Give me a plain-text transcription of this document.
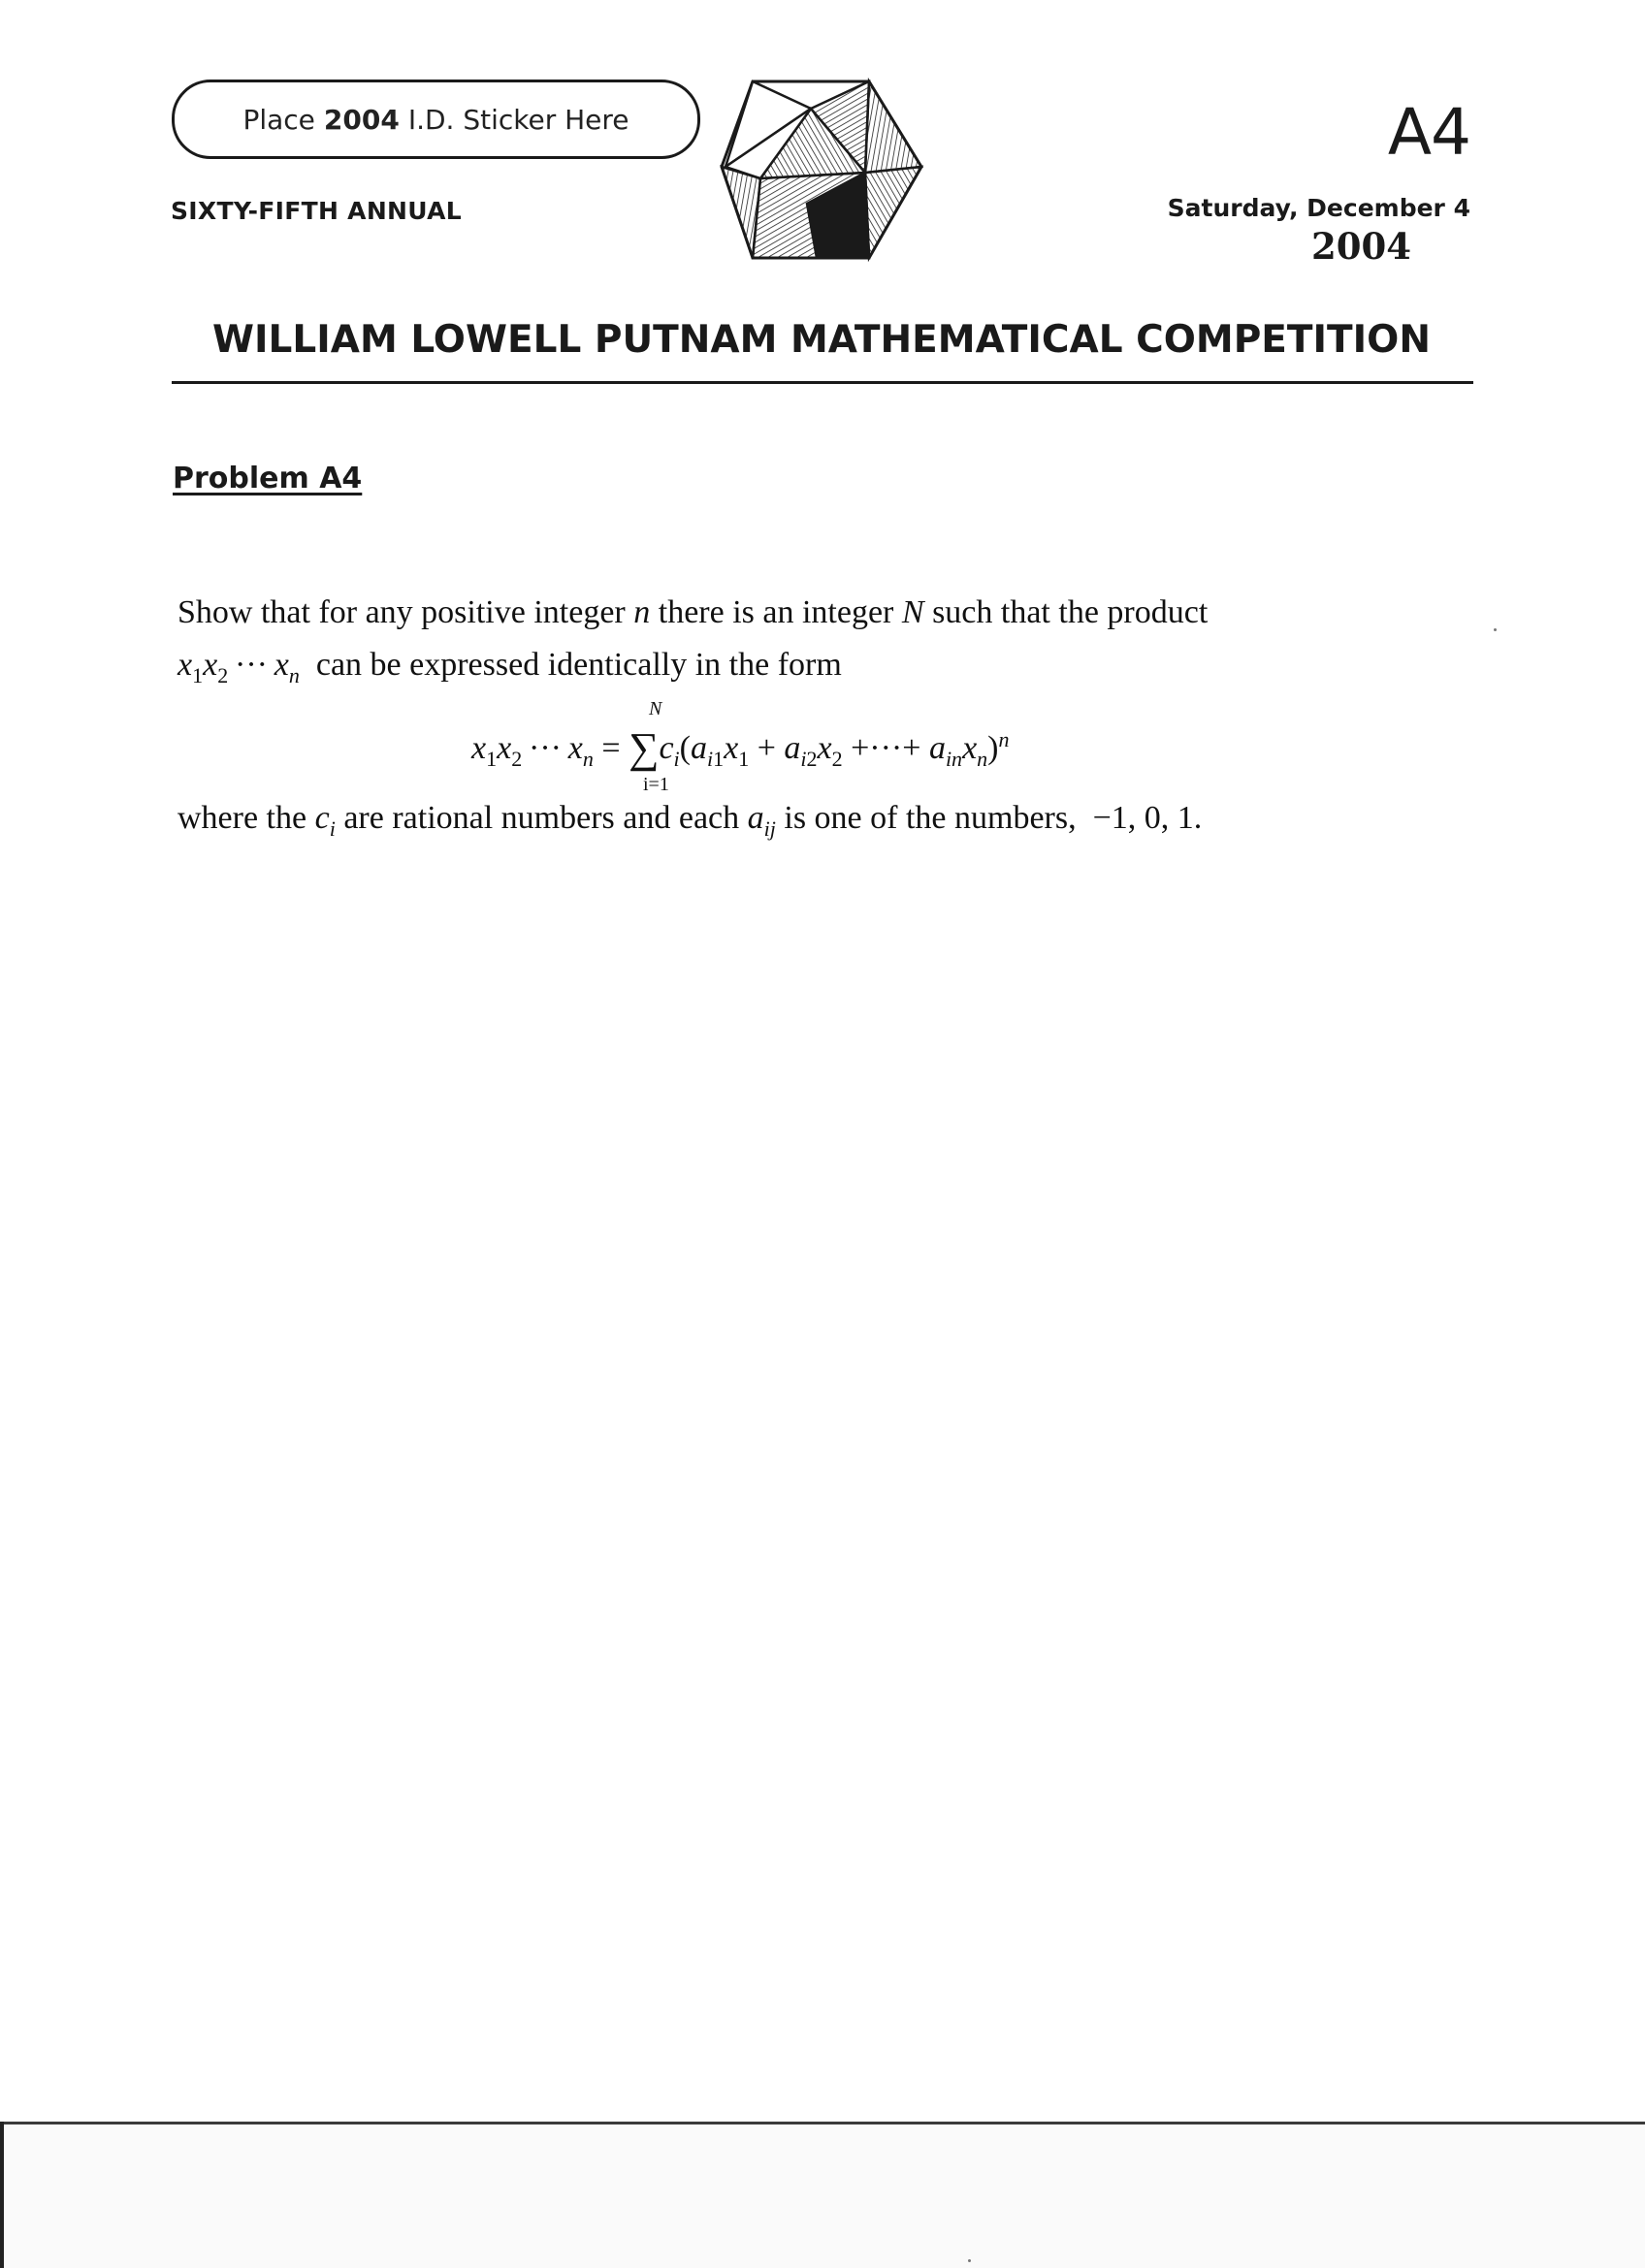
Place 2004 I.D. Sticker Here
SIXTY-FIFTH ANNUAL
A4
Saturday, December 4
2004
WILLIAM LOWELL PUTNAM MATHEMATICAL COMPETITION
Problem A4
Show that for any positive integer n there is an integer N such that the product
$x_1x_2$ ··· $x_n$ can be expressed identically in the form
N
$x_1x_2$ ··· $x_n = \sum c_i(a_{i1}x_1 + a_{i2}x_2$ +···+ $a_{in}x_n)^n$
i=1
where the $c_i$ are rational numbers and each $a_{ij}$ is one of the numbers, −1, 0, 1.
